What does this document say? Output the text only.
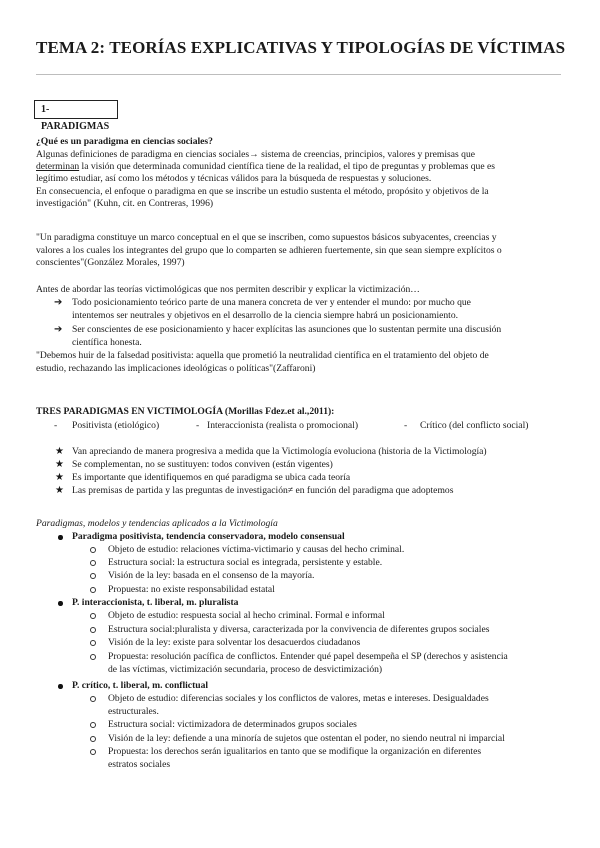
TEMA 2: TEORÍAS EXPLICATIVAS Y TIPOLOGÍAS DE VÍCTIMAS
1- PARADIGMAS
¿Qué es un paradigma en ciencias sociales?
Algunas definiciones de paradigma en ciencias sociales→ sistema de creencias, principios, valores y premisas que
determinan la visión que determinada comunidad científica tiene de la realidad, el tipo de preguntas y problemas que es
legítimo estudiar, así como los métodos y técnicas válidos para la búsqueda de respuestas y soluciones.
En consecuencia, el enfoque o paradigma en que se inscribe un estudio sustenta el método, propósito y objetivos de la
investigación" (Kuhn, cit. en Contreras, 1996)
"Un paradigma constituye un marco conceptual en el que se inscriben, como supuestos básicos subyacentes, creencias y
valores a los cuales los integrantes del grupo que lo comparten se adhieren fuertemente, sin que sean siempre explícitos o
conscientes"(González Morales, 1997)
Antes de abordar las teorías victimológicas que nos permiten describir y explicar la victimización…
➔ Todo posicionamiento teórico parte de una manera concreta de ver y entender el mundo: por mucho que
intentemos ser neutrales y objetivos en el desarrollo de la ciencia siempre habrá un posicionamiento.
➔ Ser conscientes de ese posicionamiento y hacer explícitas las asunciones que lo sustentan permite una discusión
científica honesta.
"Debemos huir de la falsedad positivista: aquella que prometió la neutralidad científica en el tratamiento del objeto de
estudio, rechazando las implicaciones ideológicas o políticas"(Zaffaroni)
TRES PARADIGMAS EN VICTIMOLOGÍA (Morillas Fdez.et al.,2011):
- Positivista (etiológico)	- Interaccionista (realista o promocional)	- Crítico (del conflicto social)
★ Van apreciando de manera progresiva a medida que la Victimología evoluciona (historia de la Victimología)
★ Se complementan, no se sustituyen: todos conviven (están vigentes)
★ Es importante que identifiquemos en qué paradigma se ubica cada teoría
★ Las premisas de partida y las preguntas de investigación≠ en función del paradigma que adoptemos
Paradigmas, modelos y tendencias aplicados a la Victimología
Paradigma positivista, tendencia conservadora, modelo consensual
Objeto de estudio: relaciones víctima-victimario y causas del hecho criminal.
Estructura social: la estructura social es integrada, persistente y estable.
Visión de la ley: basada en el consenso de la mayoría.
Propuesta: no existe responsabilidad estatal
P. interaccionista, t. liberal, m. pluralista
Objeto de estudio: respuesta social al hecho criminal. Formal e informal
Estructura social:pluralista y diversa, caracterizada por la convivencia de diferentes grupos sociales
Visión de la ley: existe para solventar los desacuerdos ciudadanos
Propuesta: resolución pacífica de conflictos. Entender qué papel desempeña el SP (derechos y asistencia
de las víctimas, victimización secundaria, proceso de desvictimización)
P. crítico, t. liberal, m. conflictual
Objeto de estudio: diferencias sociales y los conflictos de valores, metas e intereses. Desigualdades
estructurales.
Estructura social: victimizadora de determinados grupos sociales
Visión de la ley: defiende a una minoría de sujetos que ostentan el poder, no siendo neutral ni imparcial
Propuesta: los derechos serán igualitarios en tanto que se modifique la organización en diferentes
estratos sociales
